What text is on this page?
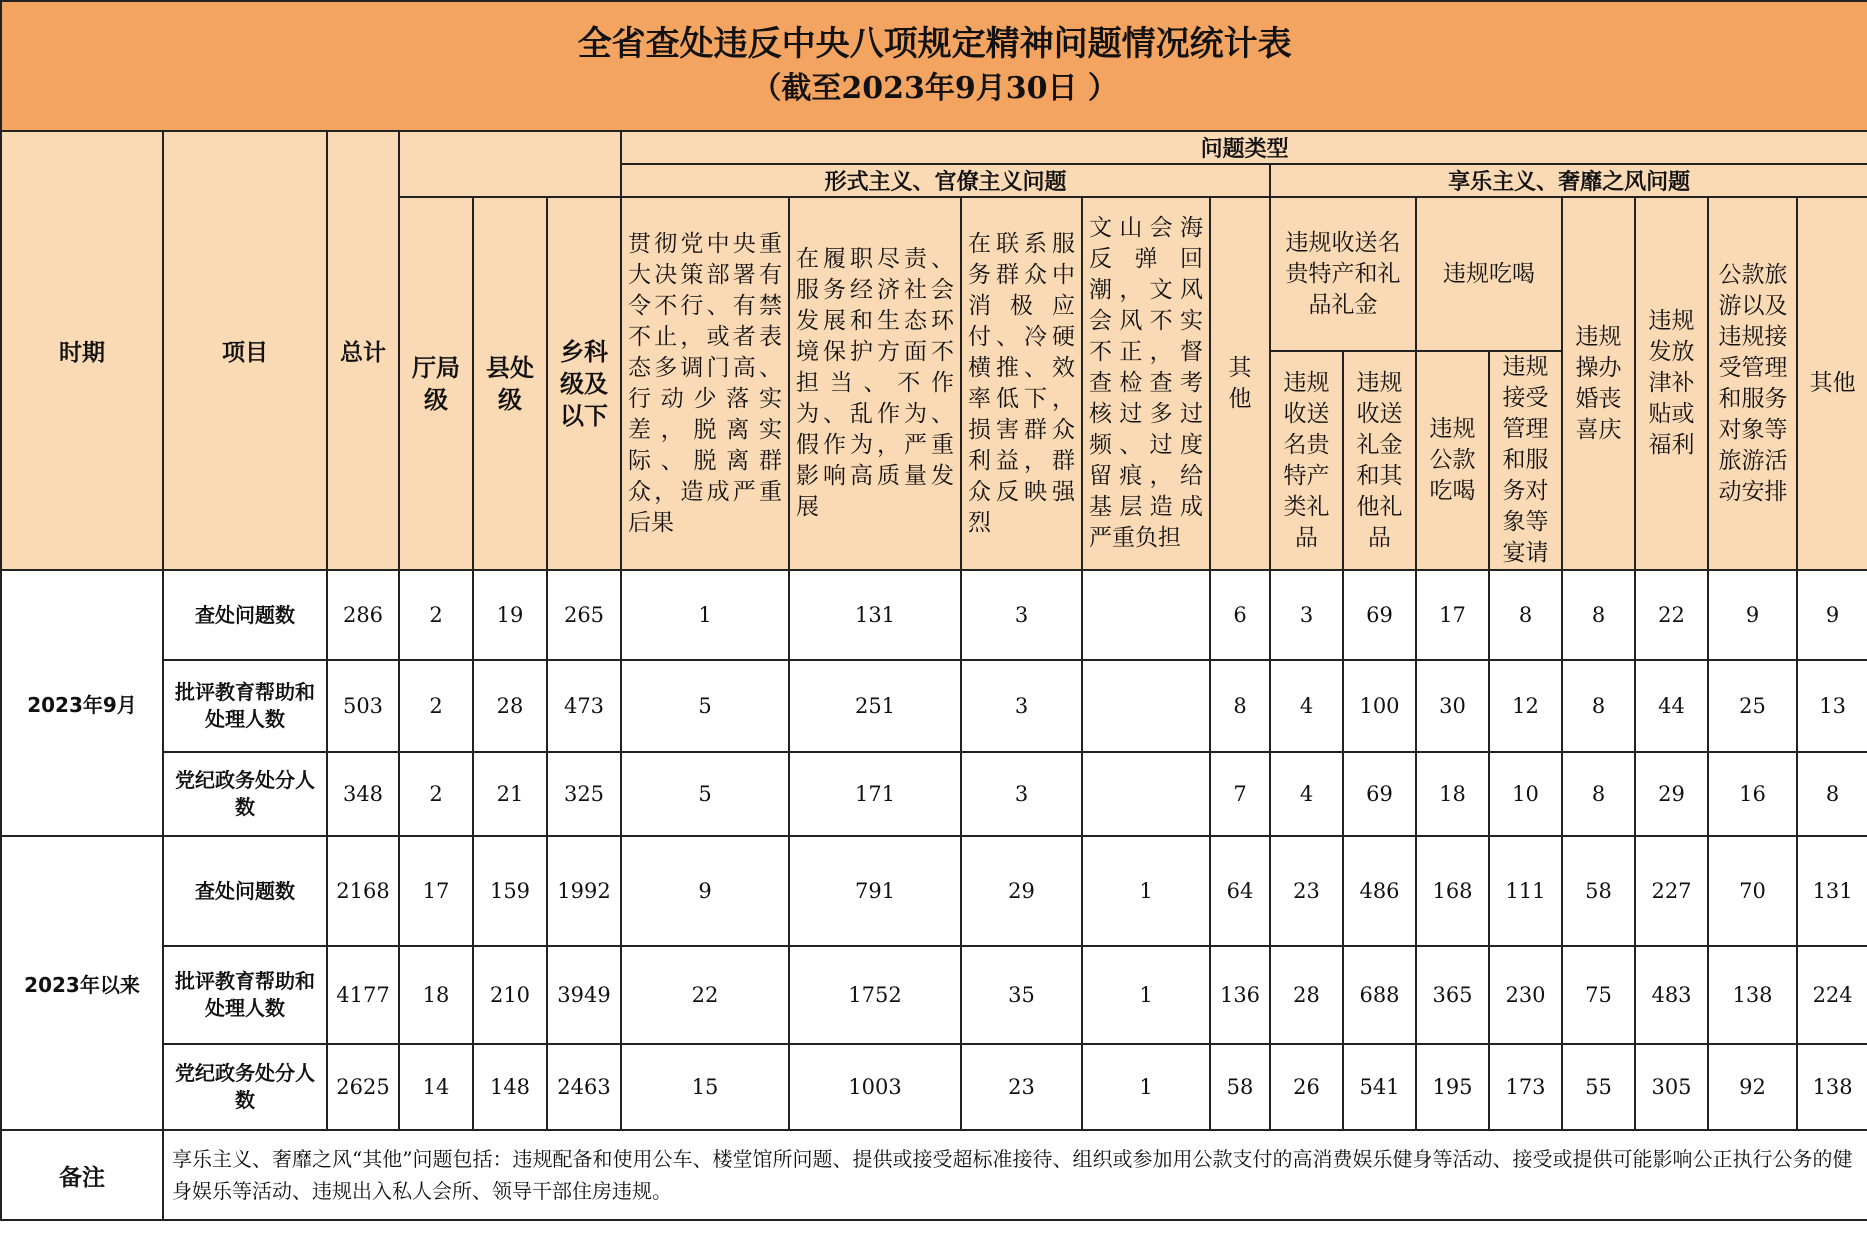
全省查处违反中央八项规定精神问题情况统计表
（截至2023年9月30日 ）																		

时期	项目	总计				问题类型												
						形式主义、官僚主义问题					享乐主义、奢靡之风问题							

			厅局级	县处级	乡科级及以下	贯彻党中央重大决策部署有令不行、有禁不止，或者表态多调门高、行动少落实差，脱离实际、脱离群众，造成严重后果	在履职尽责、服务经济社会发展和生态环境保护方面不担当、不作为、乱作为、假作为，严重影响高质量发展	在联系服务群众中消极应付、冷硬横推、效率低下，损害群众利益，群众反映强烈	文山会海反弹回潮，文风会风不实不正，督查检查考核过多过频、过度留痕，给基层造成严重负担	其他	违规收送名贵特产和礼品礼金		违规吃喝		违规操办婚丧喜庆	违规发放津补贴或福利	公款旅游以及违规接受管理和服务对象等旅游活动安排	其他

											违规收送名贵特产类礼品	违规收送礼金和其他礼品	违规公款吃喝	违规接受管理和服务对象等宴请				

2023年9月	查处问题数	286	2	19	265	1	131	3		6	3	69	17	8	8	22	9	9
	批评教育帮助和处理人数	503	2	28	473	5	251	3		8	4	100	30	12	8	44	25	13
	党纪政务处分人数	348	2	21	325	5	171	3		7	4	69	18	10	8	29	16	8
2023年以来	查处问题数	2168	17	159	1992	9	791	29	1	64	23	486	168	111	58	227	70	131
	批评教育帮助和处理人数	4177	18	210	3949	22	1752	35	1	136	28	688	365	230	75	483	138	224
	党纪政务处分人数	2625	14	148	2463	15	1003	23	1	58	26	541	195	173	55	305	92	138
备注	享乐主义、奢靡之风“其他”问题包括：违规配备和使用公车、楼堂馆所问题、提供或接受超标准接待、组织或参加用公款支付的高消费娱乐健身等活动、接受或提供可能影响公正执行公务的健身娱乐等活动、违规出入私人会所、领导干部住房违规。																	
